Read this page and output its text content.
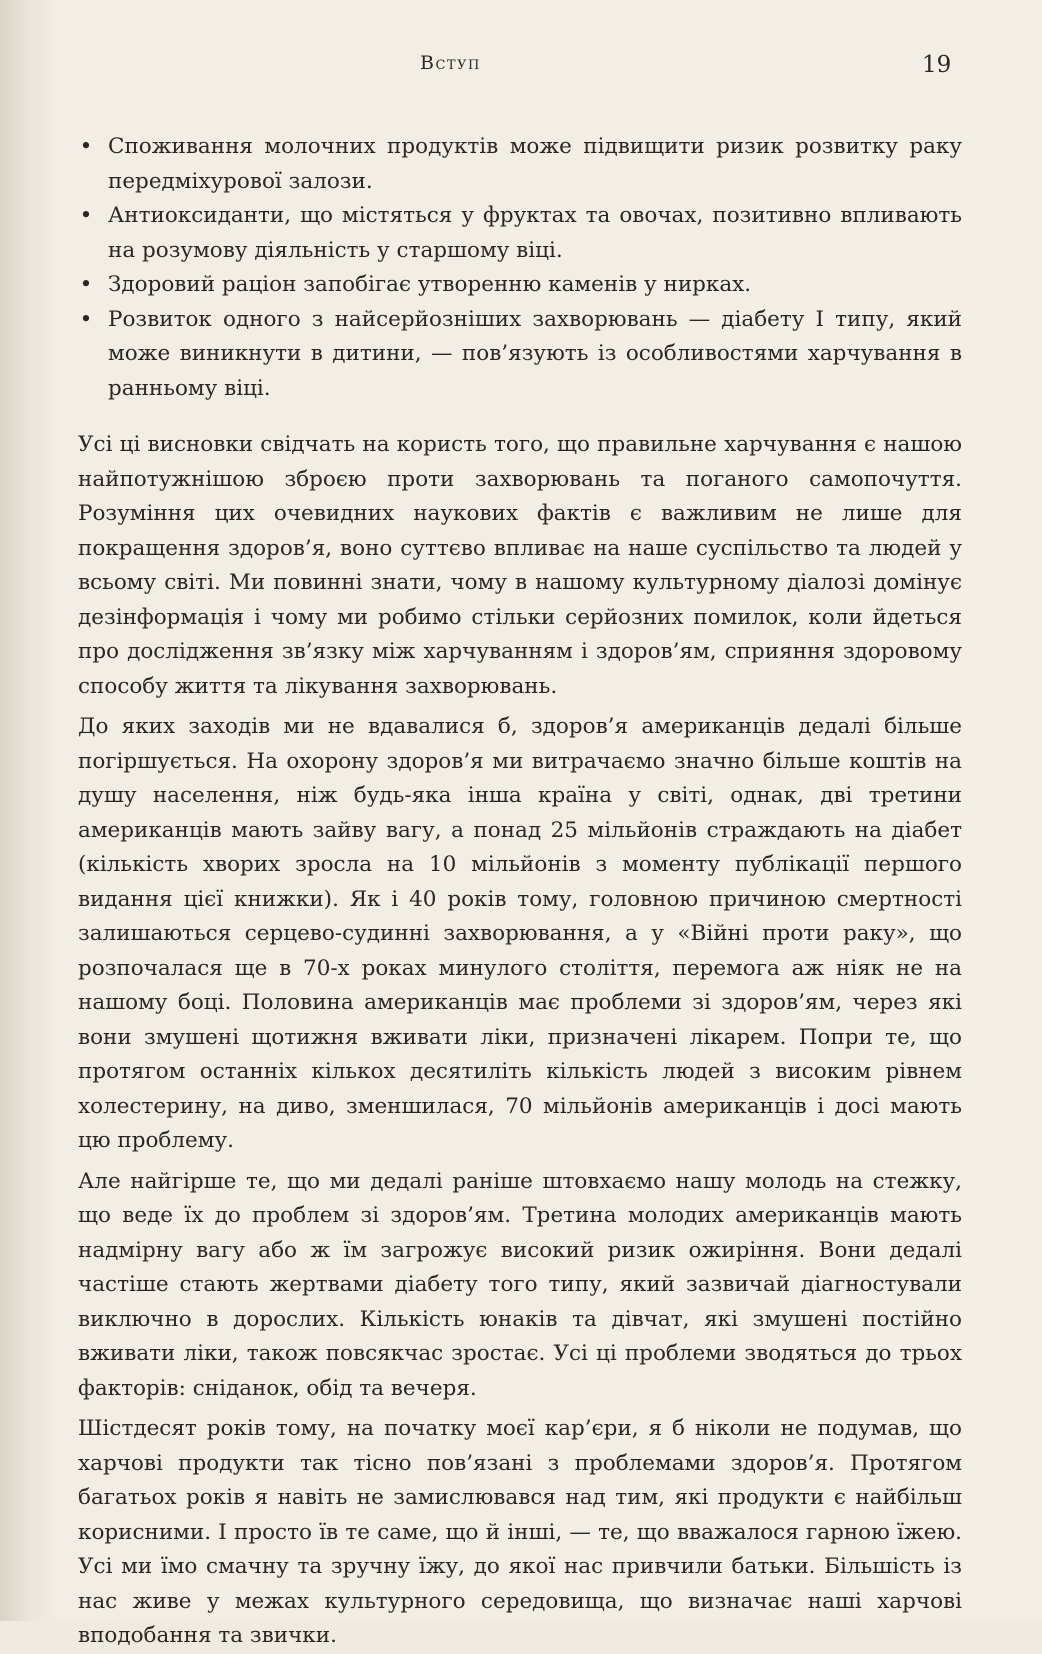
Вступ	19
• Споживання молочних продуктів може підвищити ризик розвитку раку передміхурової залози.
• Антиоксиданти, що містяться у фруктах та овочах, позитивно впливають на розумову діяльність у старшому віці.
• Здоровий раціон запобігає утворенню каменів у нирках.
• Розвиток одного з найсерйозніших захворювань — діабету І типу, який може виникнути в дитини, — пов’язують із особливостями харчування в ранньому віці.

Усі ці висновки свідчать на користь того, що правильне харчування є нашою найпотужнішою зброєю проти захворювань та поганого самопочуття. Розуміння цих очевидних наукових фактів є важливим не лише для покращення здоров’я, воно суттєво впливає на наше суспільство та людей у всьому світі. Ми повинні знати, чому в нашому культурному діалозі домінує дезінформація і чому ми робимо стільки серйозних помилок, коли йдеться про дослідження зв’язку між харчуванням і здоров’ям, сприяння здоровому способу життя та лікування захворювань.

До яких заходів ми не вдавалися б, здоров’я американців дедалі більше погіршується. На охорону здоров’я ми витрачаємо значно більше коштів на душу населення, ніж будь-яка інша країна у світі, однак, дві третини американців мають зайву вагу, а понад 25 мільйонів страждають на діабет (кількість хворих зросла на 10 мільйонів з моменту публікації першого видання цієї книжки). Як і 40 років тому, головною причиною смертності залишаються серцево-судинні захворювання, а у «Війні проти раку», що розпочалася ще в 70-х роках минулого століття, перемога аж ніяк не на нашому боці. Половина американців має проблеми зі здоров’ям, через які вони змушені щотижня вживати ліки, призначені лікарем. Попри те, що протягом останніх кількох десятиліть кількість людей з високим рівнем холестерину, на диво, зменшилася, 70 мільйонів американців і досі мають цю проблему.

Але найгірше те, що ми дедалі раніше штовхаємо нашу молодь на стежку, що веде їх до проблем зі здоров’ям. Третина молодих американців мають надмірну вагу або ж їм загрожує високий ризик ожиріння. Вони дедалі частіше стають жертвами діабету того типу, який зазвичай діагностували виключно в дорослих. Кількість юнаків та дівчат, які змушені постійно вживати ліки, також повсякчас зростає. Усі ці проблеми зводяться до трьох факторів: сніданок, обід та вечеря.

Шістдесят років тому, на початку моєї кар’єри, я б ніколи не подумав, що харчові продукти так тісно пов’язані з проблемами здоров’я. Протягом багатьох років я навіть не замислювався над тим, які продукти є найбільш корисними. І просто їв те саме, що й інші, — те, що вважалося гарною їжею. Усі ми їмо смачну та зручну їжу, до якої нас привчили батьки. Більшість із нас живе у межах культурного середовища, що визначає наші харчові вподобання та звички.
